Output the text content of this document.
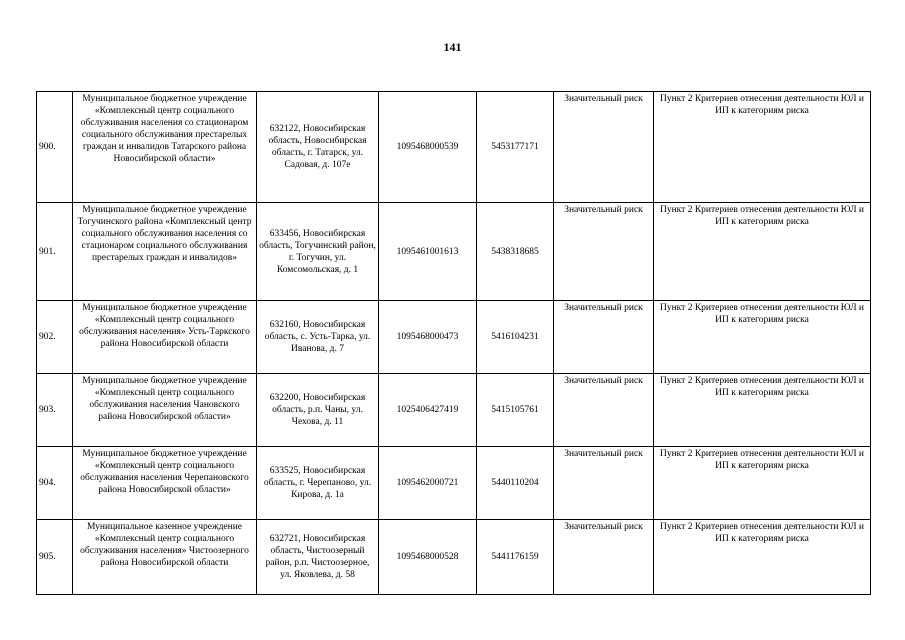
141
900.	Муниципальное бюджетное учреждение «Комплексный центр социального обслуживания населения со стационаром социального обслуживания престарелых граждан и инвалидов Татарского района Новосибирской области»	632122, Новосибирская область, Новосибирская область, г. Татарск, ул. Садовая, д. 107е	1095468000539	5453177171	Значительный риск	Пункт 2 Критериев отнесения деятельности ЮЛ и ИП к категориям риска
901.	Муниципальное бюджетное учреждение Тогучинского района «Комплексный центр социального обслуживания населения со стационаром социального обслуживания престарелых граждан и инвалидов»	633456, Новосибирская область, Тогучинский район, г. Тогучин, ул. Комсомольская, д. 1	1095461001613	5438318685	Значительный риск	Пункт 2 Критериев отнесения деятельности ЮЛ и ИП к категориям риска
902.	Муниципальное бюджетное учреждение «Комплексный центр социального обслуживания населения» Усть-Таркского района Новосибирской области	632160, Новосибирская область, с. Усть-Тарка, ул. Иванова, д. 7	1095468000473	5416104231	Значительный риск	Пункт 2 Критериев отнесения деятельности ЮЛ и ИП к категориям риска
903.	Муниципальное бюджетное учреждение «Комплексный центр социального обслуживания населения Чановского района Новосибирской области»	632200, Новосибирская область, р.п. Чаны, ул. Чехова, д. 11	1025406427419	5415105761	Значительный риск	Пункт 2 Критериев отнесения деятельности ЮЛ и ИП к категориям риска
904.	Муниципальное бюджетное учреждение «Комплексный центр социального обслуживания населения Черепановского района Новосибирской области»	633525, Новосибирская область, г. Черепаново, ул. Кирова, д. 1а	1095462000721	5440110204	Значительный риск	Пункт 2 Критериев отнесения деятельности ЮЛ и ИП к категориям риска
905.	Муниципальное казенное учреждение «Комплексный центр социального обслуживания населения» Чистоозерного района Новосибирской области	632721, Новосибирская область, Чистоозерный район, р.п. Чистоозерное, ул. Яковлева, д. 58	1095468000528	5441176159	Значительный риск	Пункт 2 Критериев отнесения деятельности ЮЛ и ИП к категориям риска
